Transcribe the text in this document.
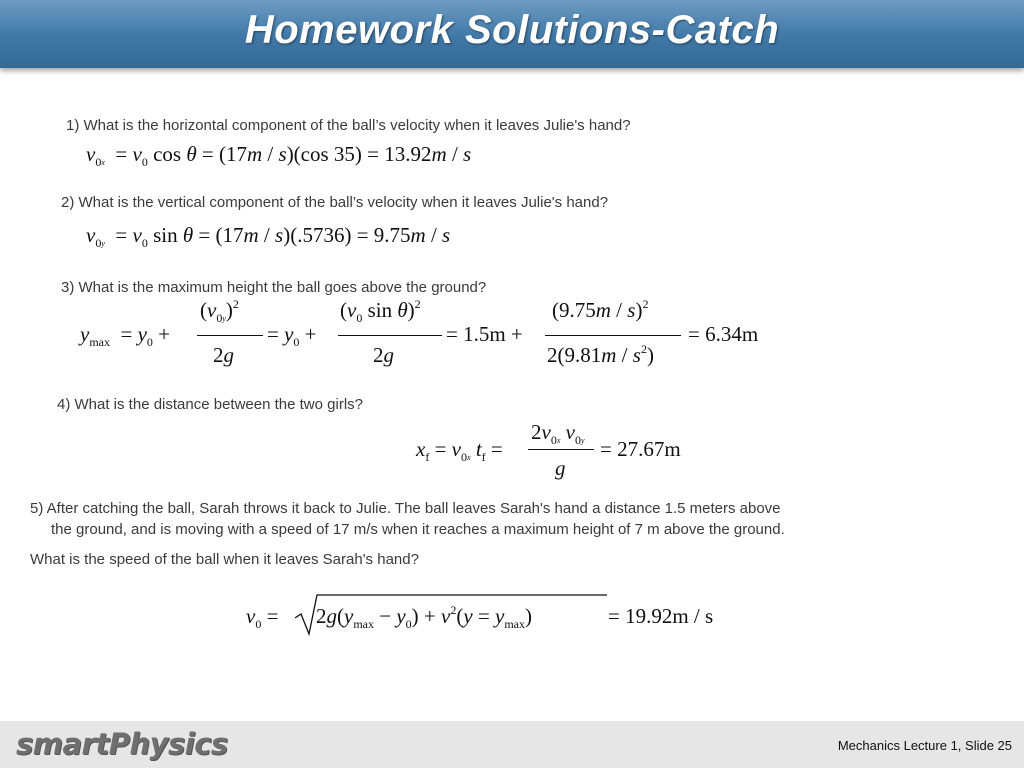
Homework Solutions-Catch
1) What is the horizontal component of the ball’s velocity when it leaves Julie's hand?
$v_0x = v_0$ cos θ = (17m / s)(cos 35) = 13.92m / s
2) What is the vertical component of the ball’s velocity when it leaves Julie's hand?
$v_0y = v_0$ sin θ = (17m / s)(.5736) = 9.75m / s
3) What is the maximum height the ball goes above the ground?
$y_{max} = y_0$ +
$(v_0y)^2$
2g
= $y_0$ +
($v_0$ sin θ)$^2$
2g
= 1.5m +
(9.75m / s)$^2$
$2(9.81m / s^2)$
= 6.34m
4) What is the distance between the two girls?
$x_f = v_0x$ $t_f$ =
$2v_0x$ $v_0y$
g
= 27.67m
5) After catching the ball, Sarah throws it back to Julie. The ball leaves Sarah's hand a distance 1.5 meters above
the ground, and is moving with a speed of 17 m/s when it reaches a maximum height of 7 m above the ground.
What is the speed of the ball when it leaves Sarah's hand?
$v_0 = 2g(y_{max} - y_0) + v^2(y = y_{max})$	= 19.92m / s
smartPhysics	Mechanics Lecture 1, Slide 25
